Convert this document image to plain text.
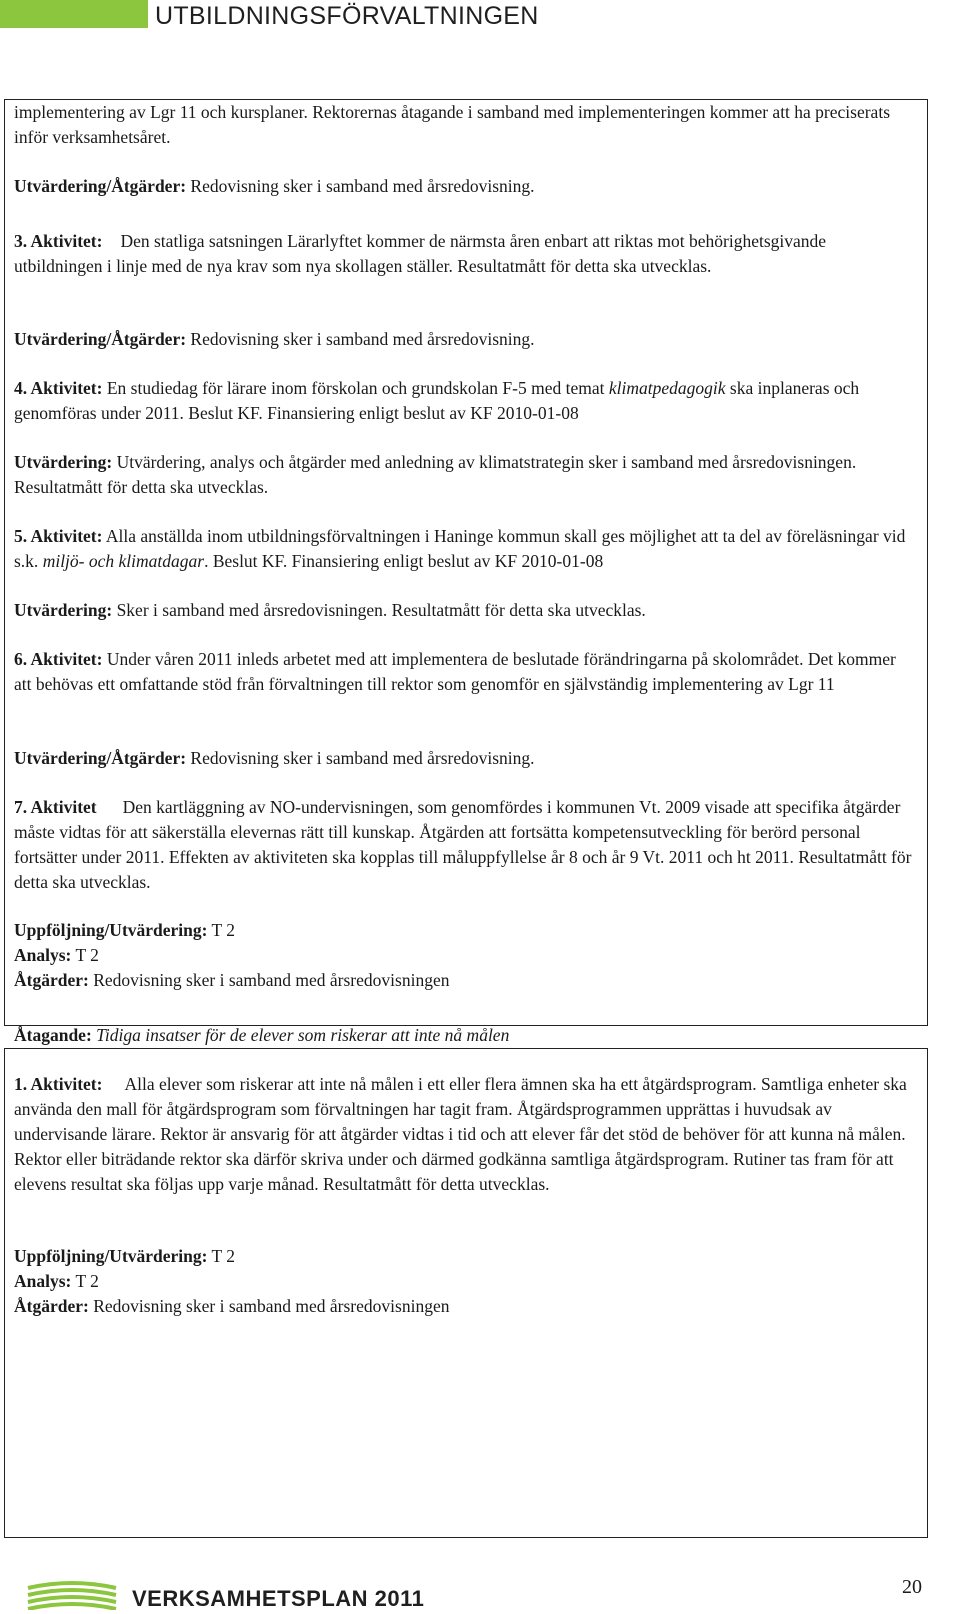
UTBILDNINGSFÖRVALTNINGEN

implementering av Lgr 11 och kursplaner. Rektorernas åtagande i samband med implementeringen kommer att ha preciserats inför verksamhetsåret.

Utvärdering/Åtgärder: Redovisning sker i samband med årsredovisning.

3. Aktivitet: Den statliga satsningen Lärarlyftet kommer de närmsta åren enbart att riktas mot behörighetsgivande utbildningen i linje med de nya krav som nya skollagen ställer. Resultatmått för detta ska utvecklas.

Utvärdering/Åtgärder: Redovisning sker i samband med årsredovisning.

4. Aktivitet: En studiedag för lärare inom förskolan och grundskolan F-5 med temat klimatpedagogik ska inplaneras och genomföras under 2011. Beslut KF. Finansiering enligt beslut av KF 2010-01-08

Utvärdering: Utvärdering, analys och åtgärder med anledning av klimatstrategin sker i samband med årsredovisningen. Resultatmått för detta ska utvecklas.

5. Aktivitet: Alla anställda inom utbildningsförvaltningen i Haninge kommun skall ges möjlighet att ta del av föreläsningar vid s.k. miljö- och klimatdagar. Beslut KF. Finansiering enligt beslut av KF 2010-01-08

Utvärdering: Sker i samband med årsredovisningen. Resultatmått för detta ska utvecklas.

6. Aktivitet: Under våren 2011 inleds arbetet med att implementera de beslutade förändringarna på skolområdet. Det kommer att behövas ett omfattande stöd från förvaltningen till rektor som genomför en självständig implementering av Lgr 11

Utvärdering/Åtgärder: Redovisning sker i samband med årsredovisning.

7. Aktivitet Den kartläggning av NO-undervisningen, som genomfördes i kommunen Vt. 2009 visade att specifika åtgärder måste vidtas för att säkerställa elevernas rätt till kunskap. Åtgärden att fortsätta kompetensutveckling för berörd personal fortsätter under 2011. Effekten av aktiviteten ska kopplas till måluppfyllelse år 8 och år 9 Vt. 2011 och ht 2011. Resultatmått för detta ska utvecklas.

Uppföljning/Utvärdering: T 2
Analys: T 2
Åtgärder: Redovisning sker i samband med årsredovisningen

Åtagande: Tidiga insatser för de elever som riskerar att inte nå målen

1. Aktivitet: Alla elever som riskerar att inte nå målen i ett eller flera ämnen ska ha ett åtgärdsprogram. Samtliga enheter ska använda den mall för åtgärdsprogram som förvaltningen har tagit fram. Åtgärdsprogrammen upprättas i huvudsak av undervisande lärare. Rektor är ansvarig för att åtgärder vidtas i tid och att elever får det stöd de behöver för att kunna nå målen. Rektor eller biträdande rektor ska därför skriva under och därmed godkänna samtliga åtgärdsprogram. Rutiner tas fram för att elevens resultat ska följas upp varje månad. Resultatmått för detta utvecklas.

Uppföljning/Utvärdering: T 2
Analys: T 2
Åtgärder: Redovisning sker i samband med årsredovisningen

20
VERKSAMHETSPLAN 2011
